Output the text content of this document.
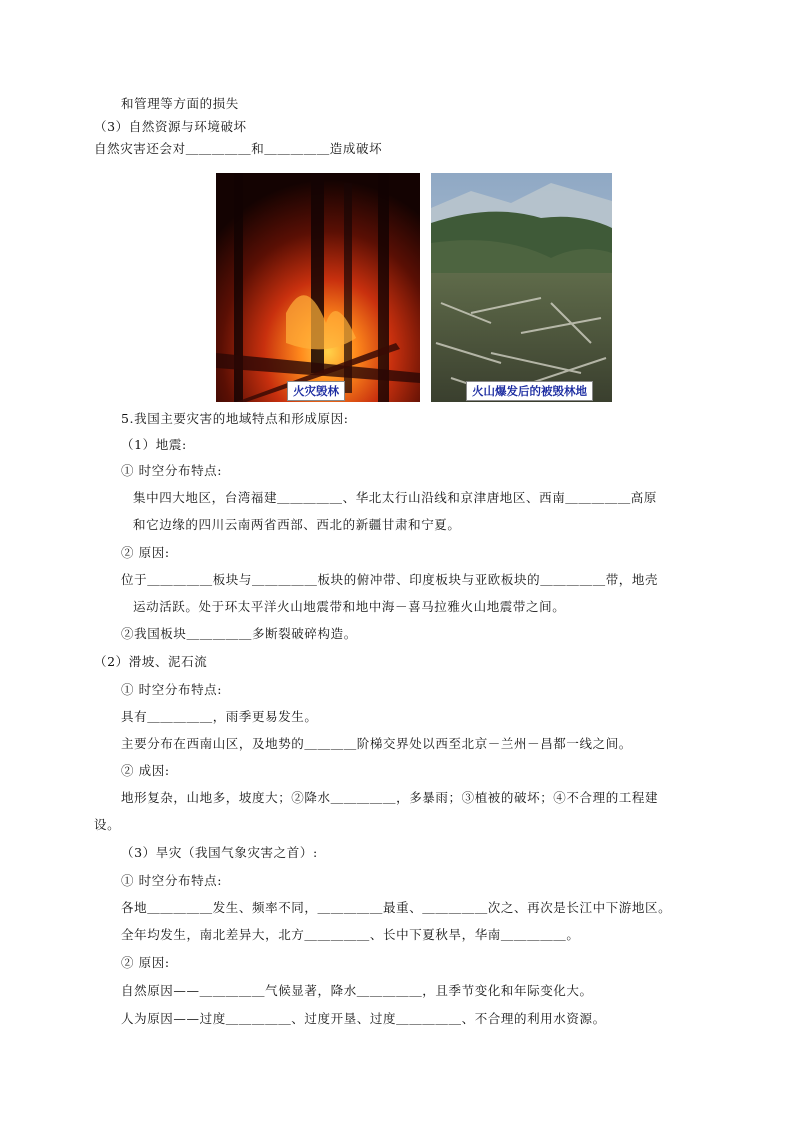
和管理等方面的损失
（3）自然资源与环境破坏
自然灾害还会对＿＿＿＿＿和＿＿＿＿＿造成破坏
火灾毁林	火山爆发后的被毁林地
5.我国主要灾害的地域特点和形成原因:
（1）地震:
① 时空分布特点:
集中四大地区，台湾福建＿＿＿＿＿、华北太行山沿线和京津唐地区、西南＿＿＿＿＿高原
和它边缘的四川云南两省西部、西北的新疆甘肃和宁夏。
② 原因:
位于＿＿＿＿＿板块与＿＿＿＿＿板块的俯冲带、印度板块与亚欧板块的＿＿＿＿＿带，地壳
运动活跃。处于环太平洋火山地震带和地中海－喜马拉雅火山地震带之间。
②我国板块＿＿＿＿＿多断裂破碎构造。
（2）滑坡、泥石流
① 时空分布特点:
具有＿＿＿＿＿，雨季更易发生。
主要分布在西南山区，及地势的＿＿＿＿阶梯交界处以西至北京－兰州－昌都一线之间。
② 成因:
地形复杂，山地多，坡度大；②降水＿＿＿＿＿，多暴雨；③植被的破坏；④不合理的工程建
设。
（3）旱灾（我国气象灾害之首）:
① 时空分布特点:
各地＿＿＿＿＿发生、频率不同，＿＿＿＿＿最重、＿＿＿＿＿次之、再次是长江中下游地区。
全年均发生，南北差异大，北方＿＿＿＿＿、长中下夏秋旱，华南＿＿＿＿＿。
② 原因:
自然原因——＿＿＿＿＿气候显著，降水＿＿＿＿＿，且季节变化和年际变化大。
人为原因——过度＿＿＿＿＿、过度开垦、过度＿＿＿＿＿、不合理的利用水资源。
